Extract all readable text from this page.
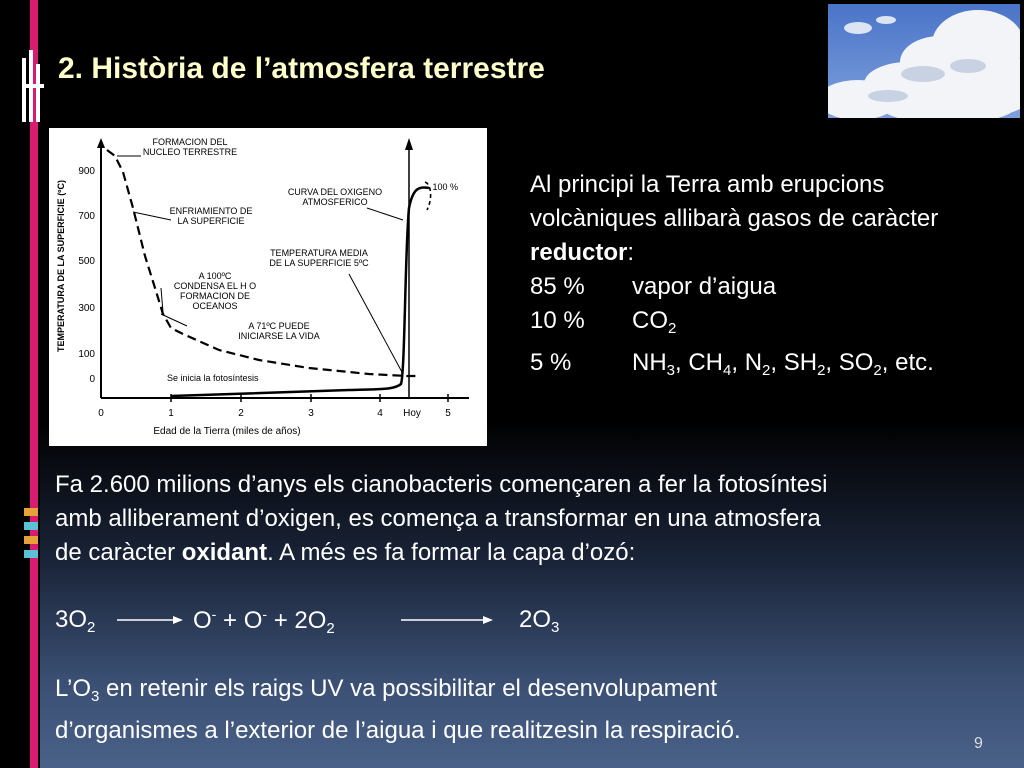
2. Història de l’atmosfera terrestre
900
700
500
300
100
0
0	1	2	3	4 Hoy 5
Edad de la Tierra (miles de años)
TEMPERATURA DE LA SUPERFICIE (ºC)
FORMACION DEL
NUCLEO TERRESTRE
ENFRIAMIENTO DE
LA SUPERFICIE
CURVA DEL OXIGENO
ATMOSFERICO
TEMPERATURA MEDIA
DE LA SUPERFICIE 5ºC
A 100ºC
CONDENSA EL H O
FORMACION DE
OCEANOS
A 71ºC PUEDE
INICIARSE LA VIDA
- 100 %
Se inicia la fotosíntesis
Al principi la Terra amb erupcions
volcàniques allibarà gasos de caràcter
reductor:
85 % vapor d’aigua
10 % $CO_2$
5 %	$NH_3$, $CH_4$, $N_2$, $SH_2$, $SO_2$, etc.
Fa 2.600 milions d’anys els cianobacteris començaren a fer la fotosíntesi
amb alliberament d’oxigen, es comença a transformar en una atmosfera
de caràcter oxidant. A més es fa formar la capa d’ozó:
$3O_2 \to O^- + O^- + 2O_2$	→ $2O_3$
$L’O_3$ en retenir els raigs UV va possibilitar el desenvolupament
d’organismes a l’exterior de l’aigua i que realitzesin la respiració.	9
